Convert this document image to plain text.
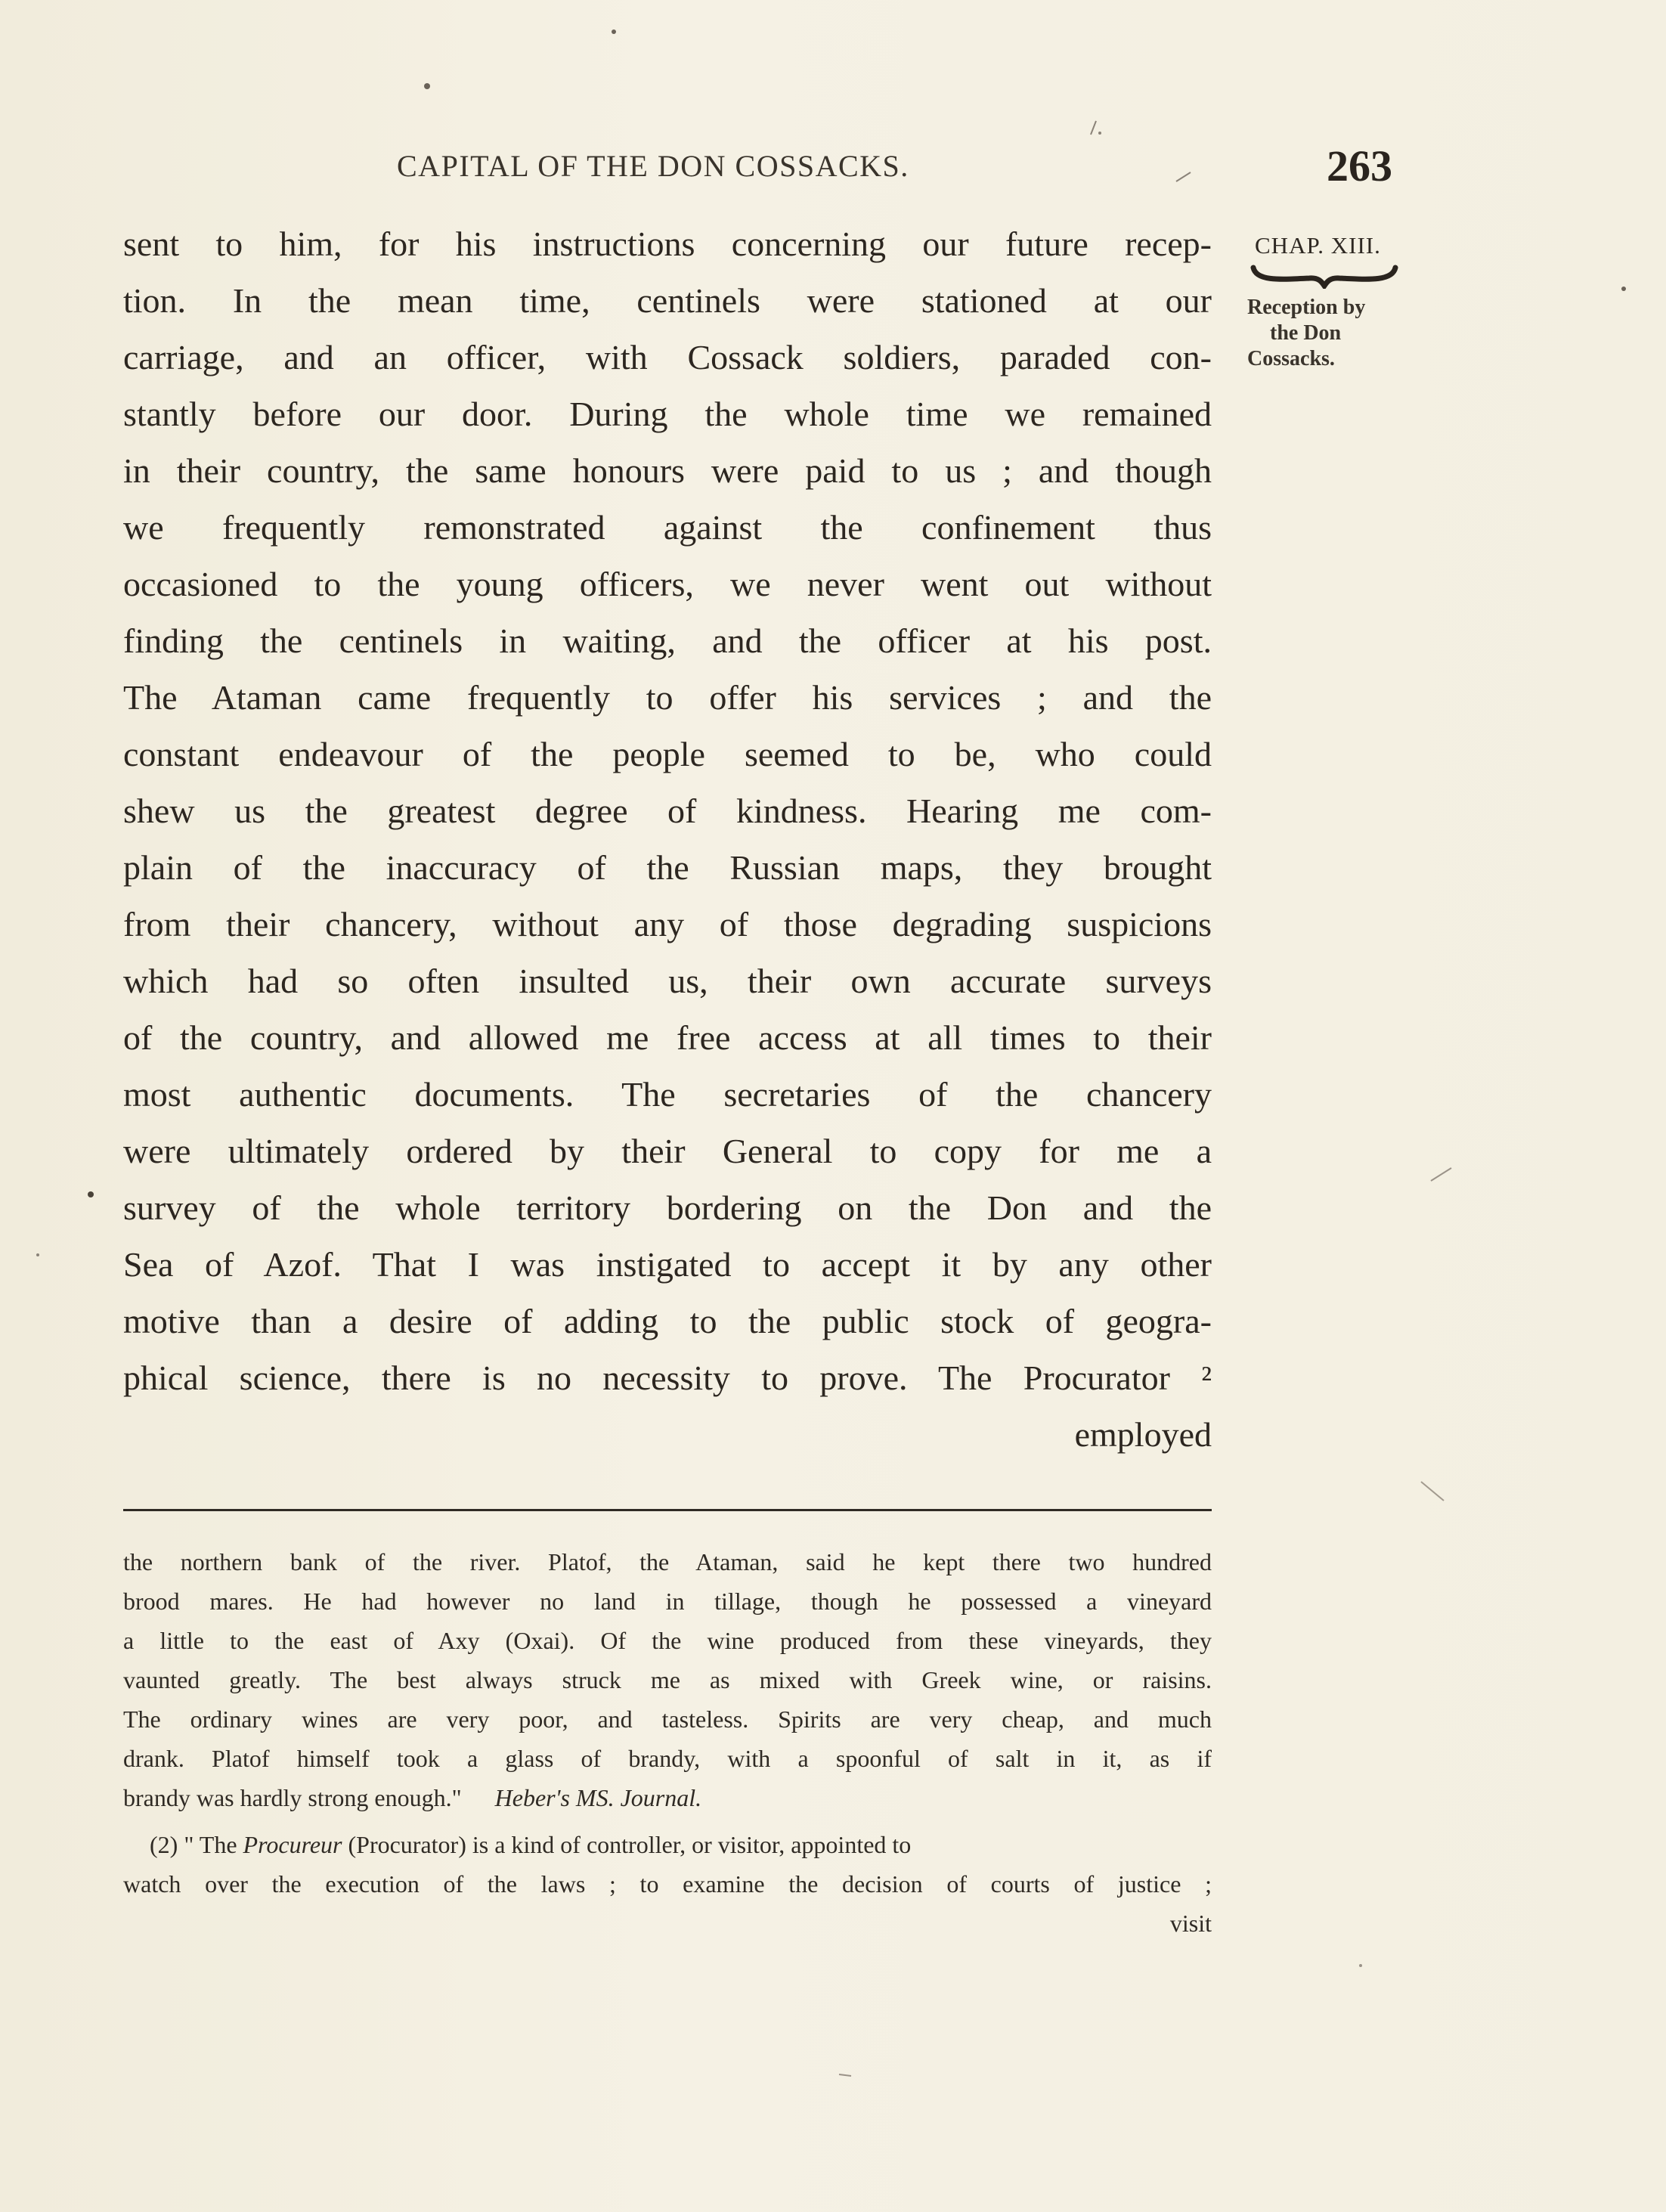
CAPITAL OF THE DON COSSACKS.	263
sent to him, for his instructions concerning our future recep-
tion. In the mean time, centinels were stationed at our
carriage, and an officer, with Cossack soldiers, paraded con-
stantly before our door. During the whole time we remained
in their country, the same honours were paid to us ; and though
we frequently remonstrated against the confinement thus
occasioned to the young officers, we never went out without
finding the centinels in waiting, and the officer at his post.
The Ataman came frequently to offer his services ; and the
constant endeavour of the people seemed to be, who could
shew us the greatest degree of kindness. Hearing me com-
plain of the inaccuracy of the Russian maps, they brought
from their chancery, without any of those degrading suspicions
which had so often insulted us, their own accurate surveys
of the country, and allowed me free access at all times to their
most authentic documents. The secretaries of the chancery
were ultimately ordered by their General to copy for me a
survey of the whole territory bordering on the Don and the
Sea of Azof. That I was instigated to accept it by any other
motive than a desire of adding to the public stock of geogra-
phical science, there is no necessity to prove. The Procurator ²
employed
CHAP. XIII.
Reception by
the Don
Cossacks.
the northern bank of the river. Platof, the Ataman, said he kept there two hundred
brood mares. He had however no land in tillage, though he possessed a vineyard
a little to the east of Axy (Oxai). Of the wine produced from these vineyards, they
vaunted greatly. The best always struck me as mixed with Greek wine, or raisins.
The ordinary wines are very poor, and tasteless. Spirits are very cheap, and much
drank. Platof himself took a glass of brandy, with a spoonful of salt in it, as if
brandy was hardly strong enough." Heber's MS. Journal.
(2) " The Procureur (Procurator) is a kind of controller, or visitor, appointed to
watch over the execution of the laws ; to examine the decision of courts of justice ;
visit
